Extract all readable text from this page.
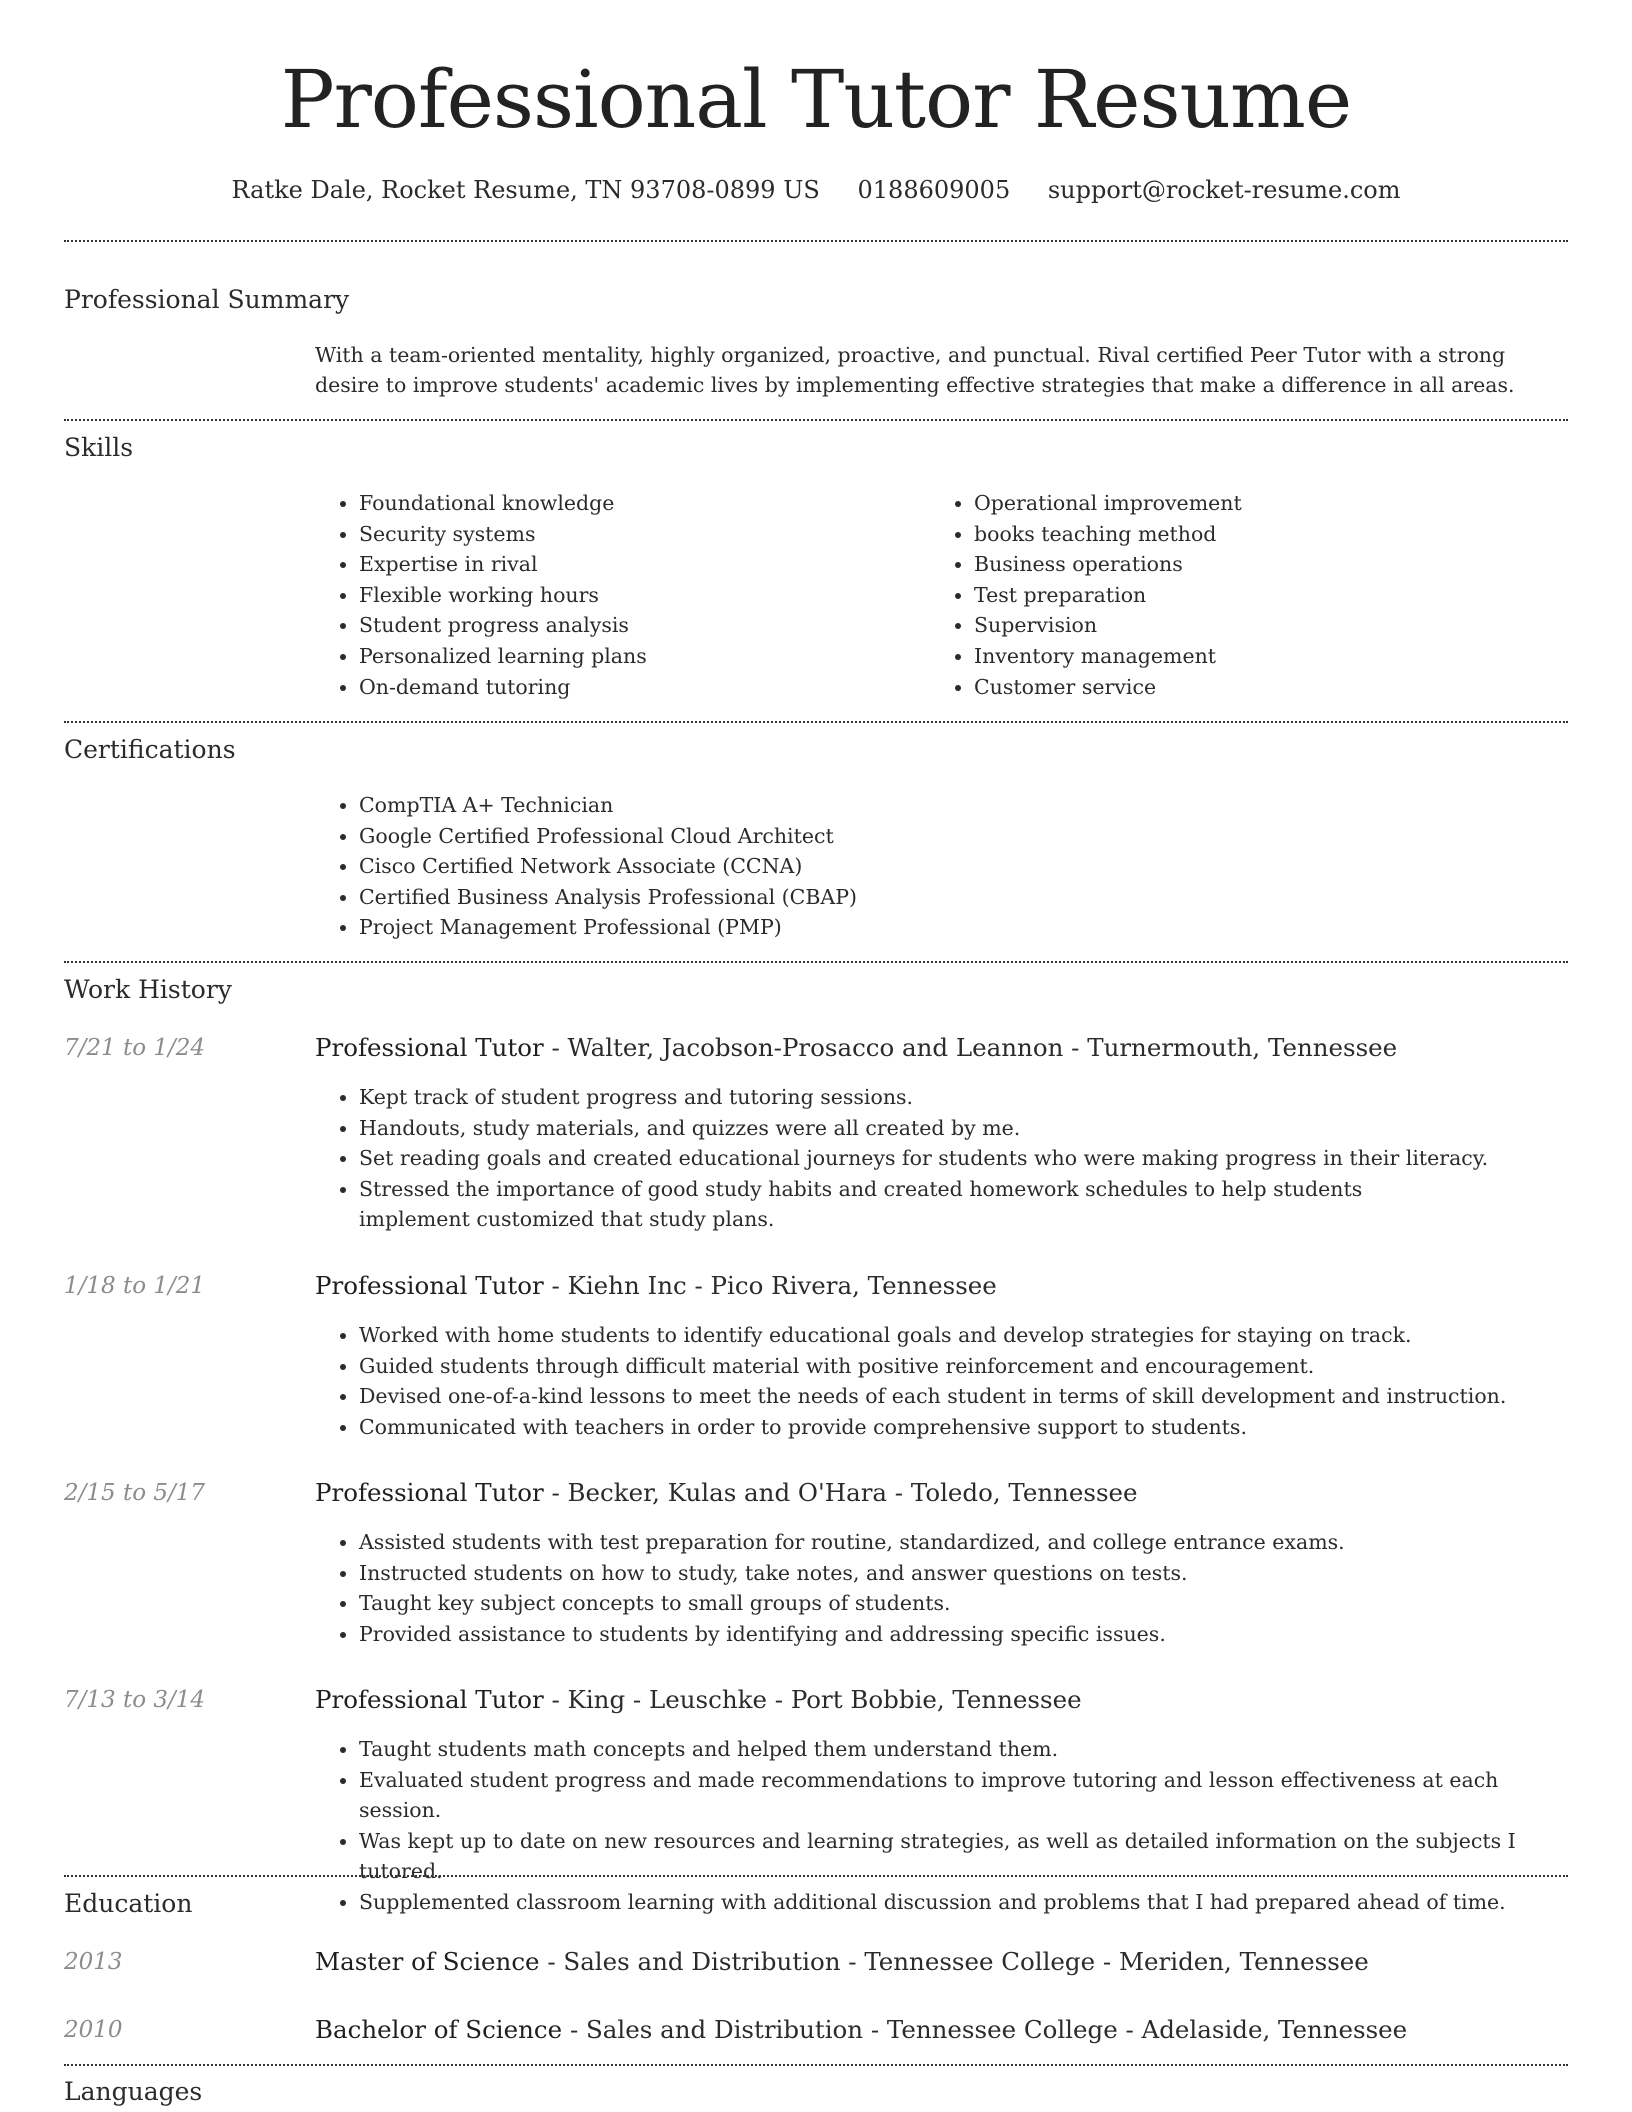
Professional Tutor Resume
Ratke Dale, Rocket Resume, TN 93708-0899 US 0188609005 support@rocket-resume.com
Professional Summary

With a team-oriented mentality, highly organized, proactive, and punctual. Rival certified Peer Tutor with a strong desire to improve students' academic lives by implementing effective strategies that make a difference in all areas.

Skills
• Foundational knowledge
• Security systems
• Expertise in rival
• Flexible working hours
• Student progress analysis
• Personalized learning plans
• On-demand tutoring
• Operational improvement
• books teaching method
• Business operations
• Test preparation
• Supervision
• Inventory management
• Customer service
Certifications
• CompTIA A+ Technician
• Google Certified Professional Cloud Architect
• Cisco Certified Network Associate (CCNA)
• Certified Business Analysis Professional (CBAP)
• Project Management Professional (PMP)
Work History
7/21 to 1/24	Professional Tutor - Walter, Jacobson-Prosacco and Leannon - Turnermouth, Tennessee
• Kept track of student progress and tutoring sessions.
• Handouts, study materials, and quizzes were all created by me.
• Set reading goals and created educational journeys for students who were making progress in their literacy.
• Stressed the importance of good study habits and created homework schedules to help students implement customized that study plans.
1/18 to 1/21	Professional Tutor - Kiehn Inc - Pico Rivera, Tennessee
• Worked with home students to identify educational goals and develop strategies for staying on track.
• Guided students through difficult material with positive reinforcement and encouragement.
• Devised one-of-a-kind lessons to meet the needs of each student in terms of skill development and instruction.
• Communicated with teachers in order to provide comprehensive support to students.
2/15 to 5/17	Professional Tutor - Becker, Kulas and O'Hara - Toledo, Tennessee
• Assisted students with test preparation for routine, standardized, and college entrance exams.
• Instructed students on how to study, take notes, and answer questions on tests.
• Taught key subject concepts to small groups of students.
• Provided assistance to students by identifying and addressing specific issues.
7/13 to 3/14	Professional Tutor - King - Leuschke - Port Bobbie, Tennessee
• Taught students math concepts and helped them understand them.
• Evaluated student progress and made recommendations to improve tutoring and lesson effectiveness at each session.
• Was kept up to date on new resources and learning strategies, as well as detailed information on the subjects I tutored.
• Supplemented classroom learning with additional discussion and problems that I had prepared ahead of time.
Education
2013	Master of Science - Sales and Distribution - Tennessee College - Meriden, Tennessee
2010	Bachelor of Science - Sales and Distribution - Tennessee College - Adelaside, Tennessee
Languages
